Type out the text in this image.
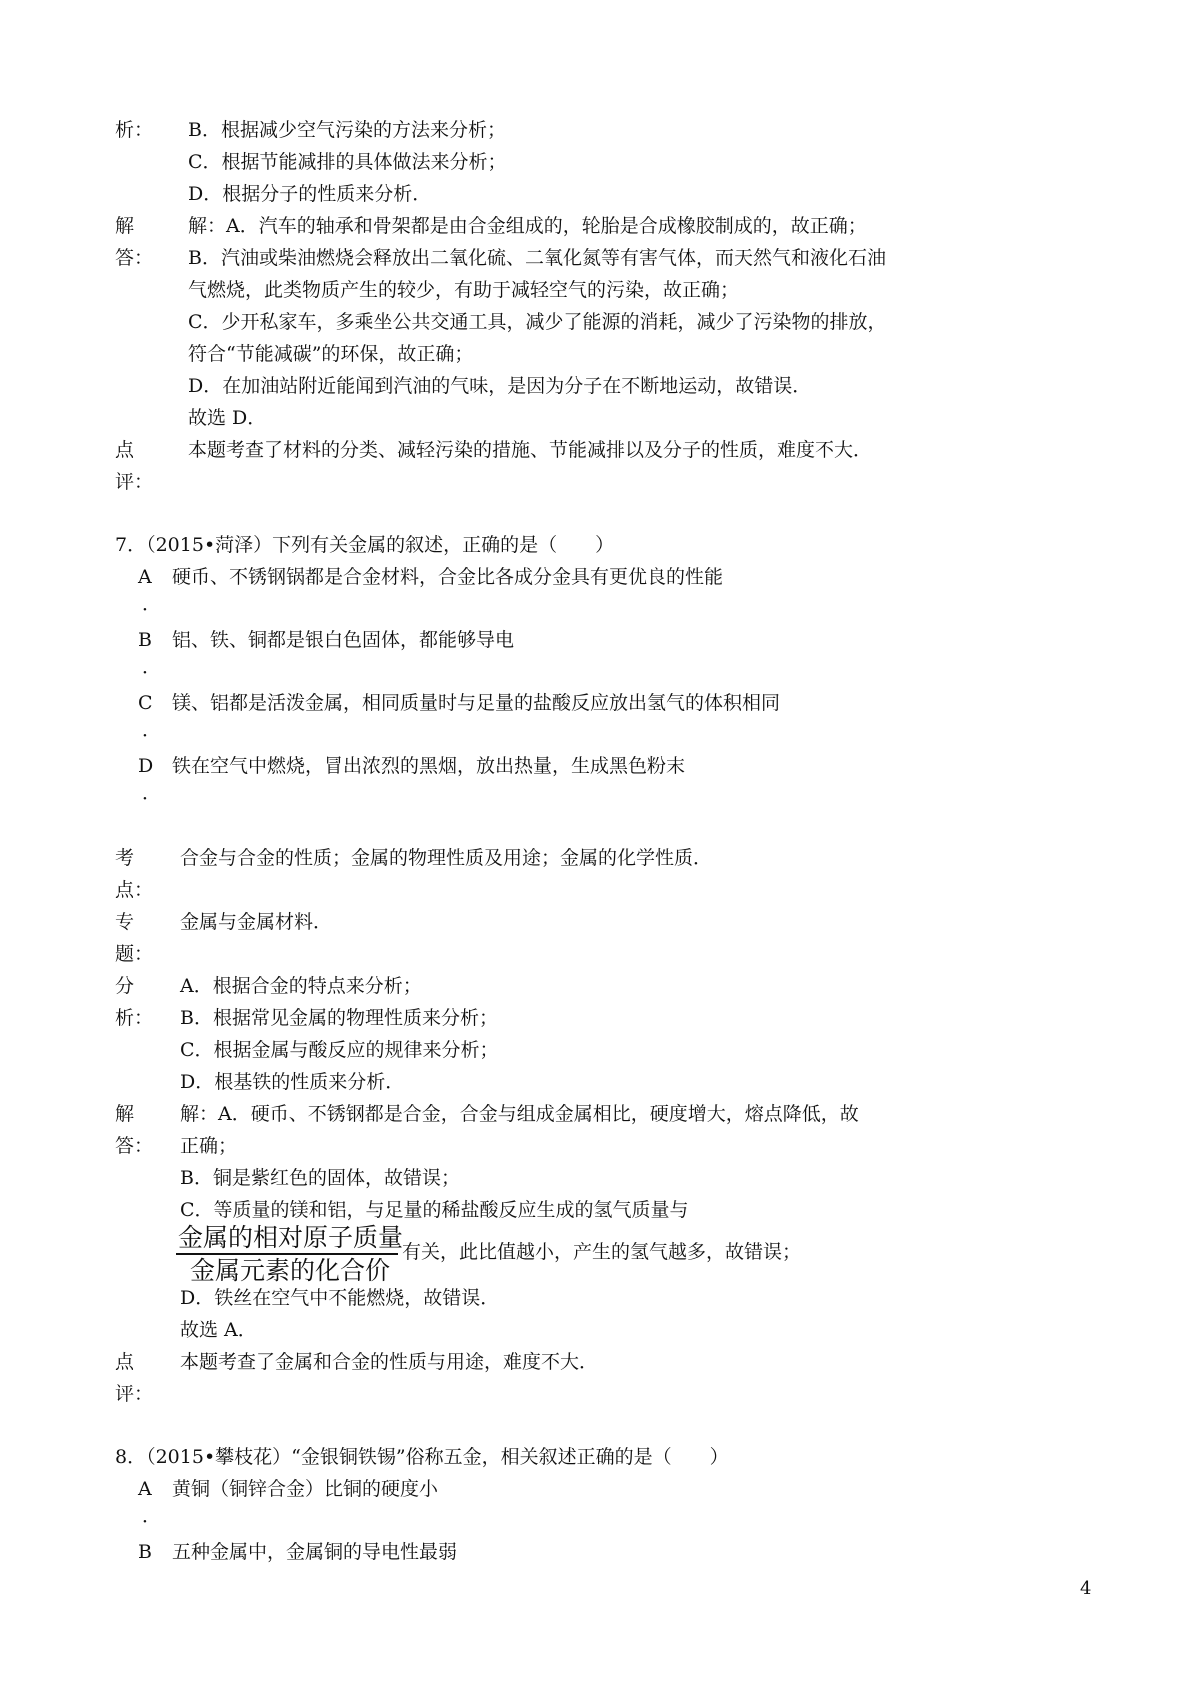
析： B．根据减少空气污染的方法来分析；
C．根据节能减排的具体做法来分析；
D．根据分子的性质来分析．
解
答：
解：A．汽车的轴承和骨架都是由合金组成的，轮胎是合成橡胶制成的，故正确；
B．汽油或柴油燃烧会释放出二氧化硫、二氧化氮等有害气体，而天然气和液化石油
气燃烧，此类物质产生的较少，有助于减轻空气的污染，故正确；
C．少开私家车，多乘坐公共交通工具，减少了能源的消耗，减少了污染物的排放，
符合“节能减碳”的环保，故正确；
D．在加油站附近能闻到汽油的气味，是因为分子在不断地运动，故错误．
故选 D．
点
评：
本题考查了材料的分类、减轻污染的措施、节能减排以及分子的性质，难度不大．
7．（2015•菏泽）下列有关金属的叙述，正确的是（　　）
A 硬币、不锈钢锅都是合金材料，合金比各成分金具有更优良的性能
．
B 铝、铁、铜都是银白色固体，都能够导电
．
C 镁、铝都是活泼金属，相同质量时与足量的盐酸反应放出氢气的体积相同
．
D 铁在空气中燃烧，冒出浓烈的黑烟，放出热量，生成黑色粉末
．
考
点：
合金与合金的性质；金属的物理性质及用途；金属的化学性质．
专
题：
金属与金属材料．
分
析：
A．根据合金的特点来分析；
B．根据常见金属的物理性质来分析；
C．根据金属与酸反应的规律来分析；
D．根基铁的性质来分析．
解
答：
解：A．硬币、不锈钢都是合金，合金与组成金属相比，硬度增大，熔点降低，故
正确；
B．铜是紫红色的固体，故错误；
C．等质量的镁和铝，与足量的稀盐酸反应生成的氢气质量与
金属的相对原子质量
金属元素的化合价
有关，此比值越小，产生的氢气越多，故错误；
D．铁丝在空气中不能燃烧，故错误．
故选 A．
点
评：
本题考查了金属和合金的性质与用途，难度不大．
8．（2015•攀枝花）“金银铜铁锡”俗称五金，相关叙述正确的是（　　）
A 黄铜（铜锌合金）比铜的硬度小
．
B 五种金属中，金属铜的导电性最弱
4
